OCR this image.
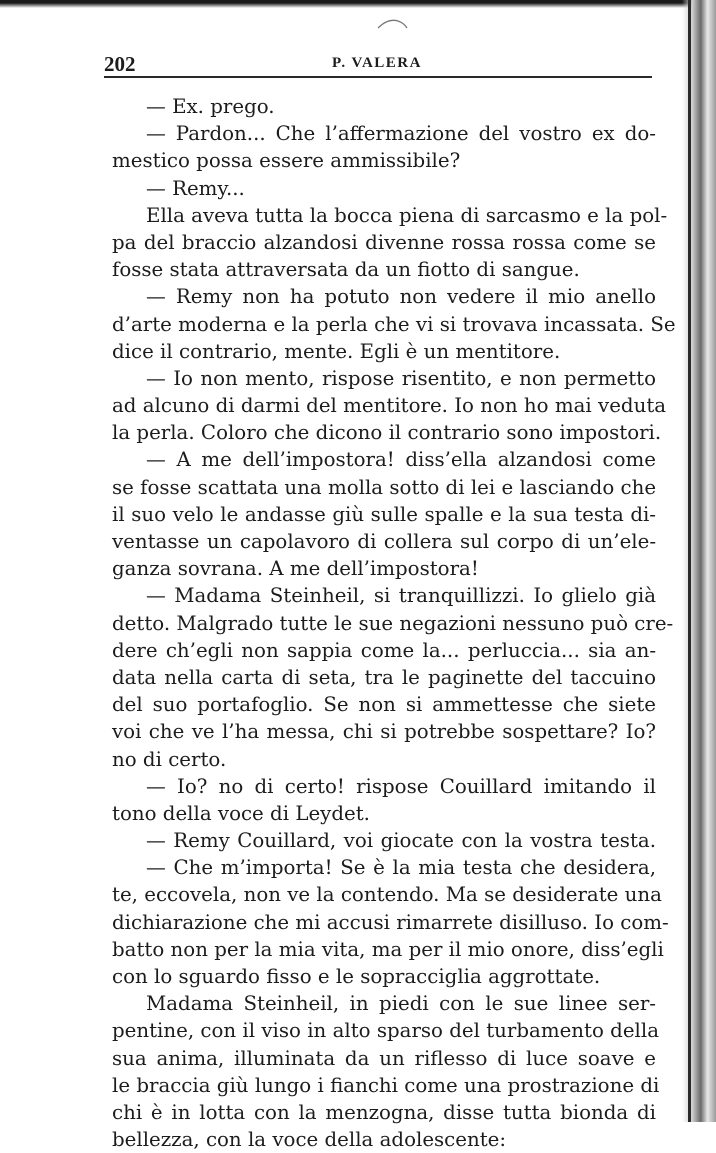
202	P. VALERA
— Ex. prego.
— Pardon... Che l’affermazione del vostro ex do-
mestico possa essere ammissibile?
— Remy...
Ella aveva tutta la bocca piena di sarcasmo e la pol-
pa del braccio alzandosi divenne rossa rossa come se
fosse stata attraversata da un fiotto di sangue.
— Remy non ha potuto non vedere il mio anello
d’arte moderna e la perla che vi si trovava incassata. Se
dice il contrario, mente. Egli è un mentitore.
— Io non mento, rispose risentito, e non permetto
ad alcuno di darmi del mentitore. Io non ho mai veduta
la perla. Coloro che dicono il contrario sono impostori.
— A me dell’impostora! diss’ella alzandosi come
se fosse scattata una molla sotto di lei e lasciando che
il suo velo le andasse giù sulle spalle e la sua testa di-
ventasse un capolavoro di collera sul corpo di un’ele-
ganza sovrana. A me dell’impostora!
— Madama Steinheil, si tranquillizzi. Io glielo già
detto. Malgrado tutte le sue negazioni nessuno può cre-
dere ch’egli non sappia come la... perluccia... sia an-
data nella carta di seta, tra le paginette del taccuino
del suo portafoglio. Se non si ammettesse che siete
voi che ve l’ha messa, chi si potrebbe sospettare? Io?
no di certo.
— Io? no di certo! rispose Couillard imitando il
tono della voce di Leydet.
— Remy Couillard, voi giocate con la vostra testa.
— Che m’importa! Se è la mia testa che desidera,
te, eccovela, non ve la contendo. Ma se desiderate una
dichiarazione che mi accusi rimarrete disilluso. Io com-
batto non per la mia vita, ma per il mio onore, diss’egli
con lo sguardo fisso e le sopracciglia aggrottate.
Madama Steinheil, in piedi con le sue linee ser-
pentine, con il viso in alto sparso del turbamento della
sua anima, illuminata da un riflesso di luce soave e
le braccia giù lungo i fianchi come una prostrazione di
chi è in lotta con la menzogna, disse tutta bionda di
bellezza, con la voce della adolescente:
